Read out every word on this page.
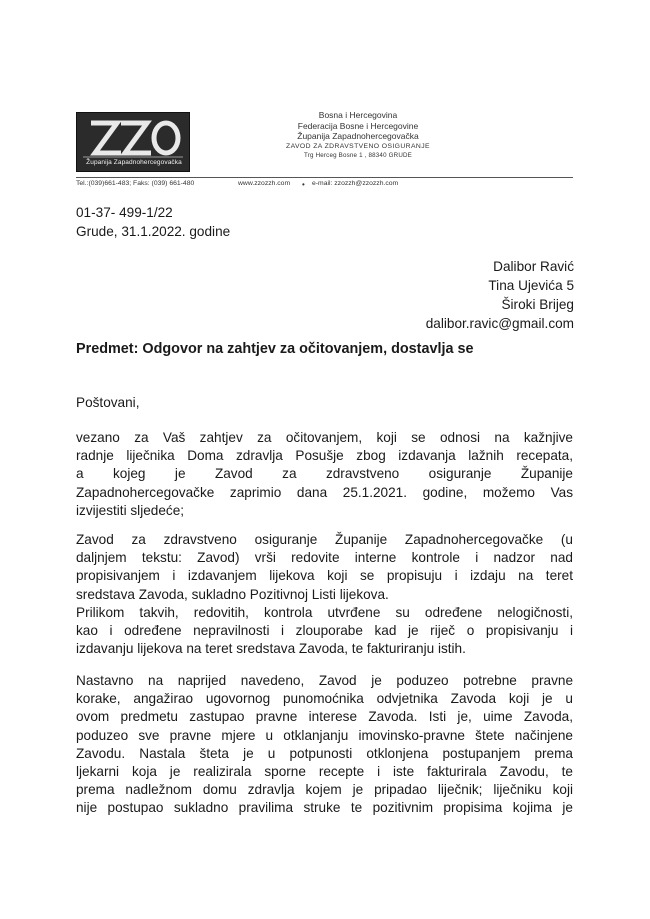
Županija Zapadnohercegovačka
Bosna i Hercegovina
Federacija Bosne i Hercegovine
Županija Zapadnohercegovačka
ZAVOD ZA ZDRAVSTVENO OSIGURANJE
Trg Herceg Bosne 1 , 88340 GRUDE
Tel.:(039)661-483; Faks: (039) 661-480	www.zzozzh.com • e-mail: zzozzh@zzozzh.com
01-37- 499-1/22
Grude, 31.1.2022. godine
Dalibor Ravić
Tina Ujevića 5
Široki Brijeg
dalibor.ravic@gmail.com
Predmet: Odgovor na zahtjev za očitovanjem, dostavlja se
Poštovani,
vezano za Vaš zahtjev za očitovanjem, koji se odnosi na kažnjive
radnje liječnika Doma zdravlja Posušje zbog izdavanja lažnih recepata,
a kojeg je Zavod za zdravstveno osiguranje Županije
Zapadnohercegovačke zaprimio dana 25.1.2021. godine, možemo Vas
izvijestiti sljedeće;
Zavod za zdravstveno osiguranje Županije Zapadnohercegovačke (u
daljnjem tekstu: Zavod) vrši redovite interne kontrole i nadzor nad
propisivanjem i izdavanjem lijekova koji se propisuju i izdaju na teret
sredstava Zavoda, sukladno Pozitivnoj Listi lijekova.
Prilikom takvih, redovitih, kontrola utvrđene su određene nelogičnosti,
kao i određene nepravilnosti i zlouporabe kad je riječ o propisivanju i
izdavanju lijekova na teret sredstava Zavoda, te fakturiranju istih.
Nastavno na naprijed navedeno, Zavod je poduzeo potrebne pravne
korake, angažirao ugovornog punomoćnika odvjetnika Zavoda koji je u
ovom predmetu zastupao pravne interese Zavoda. Isti je, uime Zavoda,
poduzeo sve pravne mjere u otklanjanju imovinsko-pravne štete načinjene
Zavodu. Nastala šteta je u potpunosti otklonjena postupanjem prema
ljekarni koja je realizirala sporne recepte i iste fakturirala Zavodu, te
prema nadležnom domu zdravlja kojem je pripadao liječnik; liječniku koji
nije postupao sukladno pravilima struke te pozitivnim propisima kojima je
